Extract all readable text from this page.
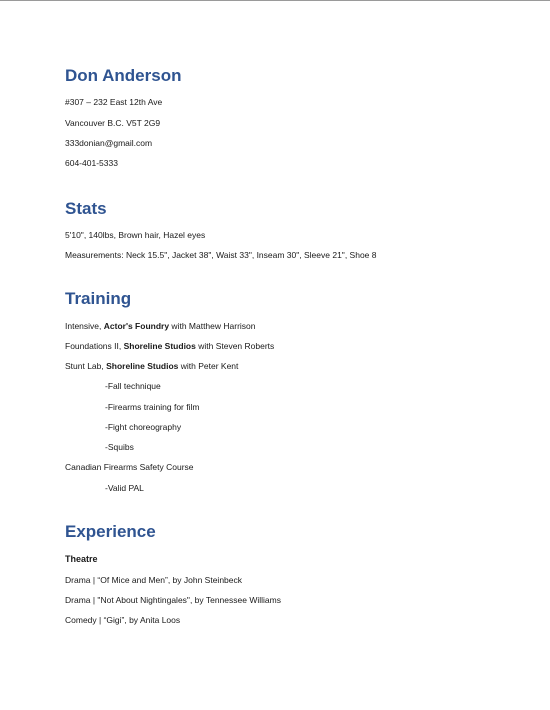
Don Anderson
#307 – 232 East 12th Ave
Vancouver B.C. V5T 2G9
333donian@gmail.com
604-401-5333
Stats
5'10", 140lbs, Brown hair, Hazel eyes
Measurements: Neck 15.5", Jacket 38", Waist 33", Inseam 30", Sleeve 21", Shoe 8
Training
Intensive, Actor's Foundry with Matthew Harrison
Foundations II, Shoreline Studios with Steven Roberts
Stunt Lab, Shoreline Studios with Peter Kent
-Fall technique
-Firearms training for film
-Fight choreography
-Squibs
Canadian Firearms Safety Course
-Valid PAL
Experience
Theatre
Drama | “Of Mice and Men”, by John Steinbeck
Drama | "Not About Nightingales", by Tennessee Williams
Comedy | “Gigi”, by Anita Loos
